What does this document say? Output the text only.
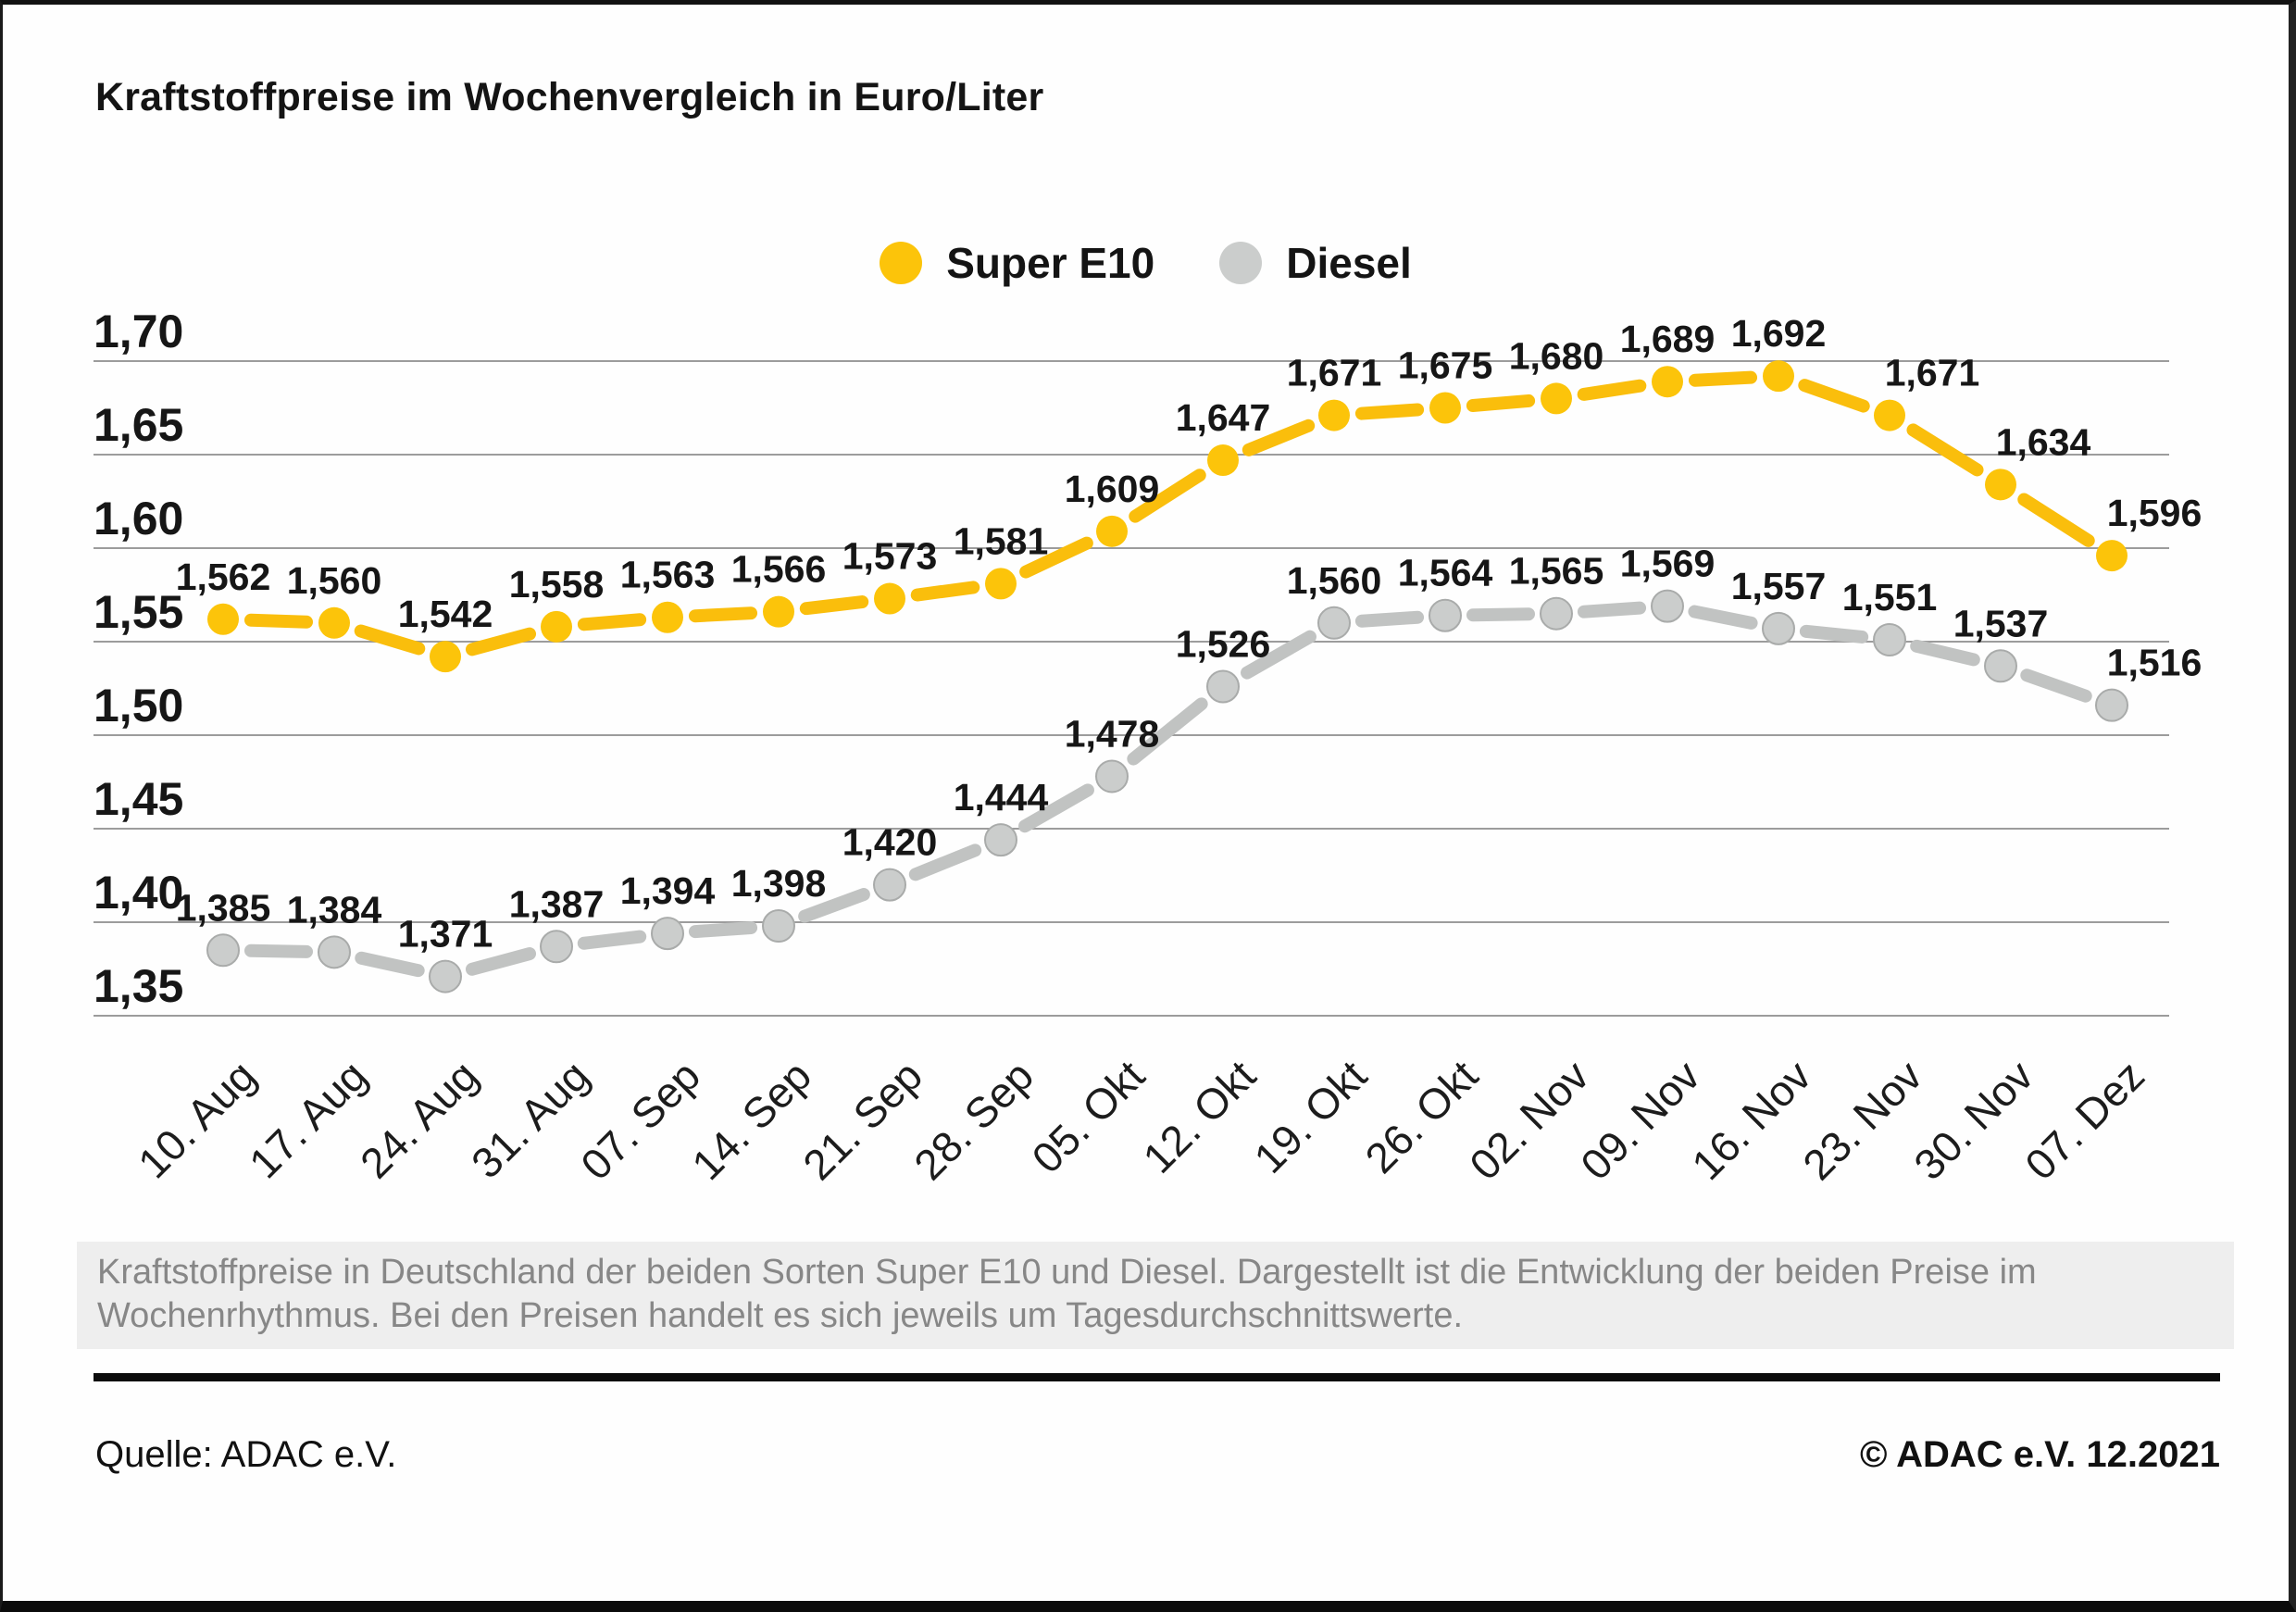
Kraftstoffpreise im Wochenvergleich in Euro/Liter
Super E10	Diesel
1,70
1,65
1,60
1,55
1,50
1,45
1,40
1,35
10. Aug
17. Aug
24. Aug
31. Aug
07. Sep
14. Sep
21. Sep
28. Sep
05. Okt
12. Okt
19. Okt
26. Okt
02. Nov
09. Nov
16. Nov
23. Nov
30. Nov
07. Dez
1,562 1,560
1,542
1,558 1,563 1,566 1,573 1,581
1,609
1,647
1,671 1,675 1,680 1,689 1,692
1,671
1,634
1,596
1,385 1,384
1,371
1,387 1,394 1,398
1,420
1,444
1,478
1,526
1,560 1,564 1,565 1,569
1,557 1,551
1,537
1,516
Kraftstoffpreise in Deutschland der beiden Sorten Super E10 und Diesel. Dargestellt ist die Entwicklung der beiden Preise im
Wochenrhythmus. Bei den Preisen handelt es sich jeweils um Tagesdurchschnittswerte.
Quelle: ADAC e.V.	© ADAC e.V. 12.2021
